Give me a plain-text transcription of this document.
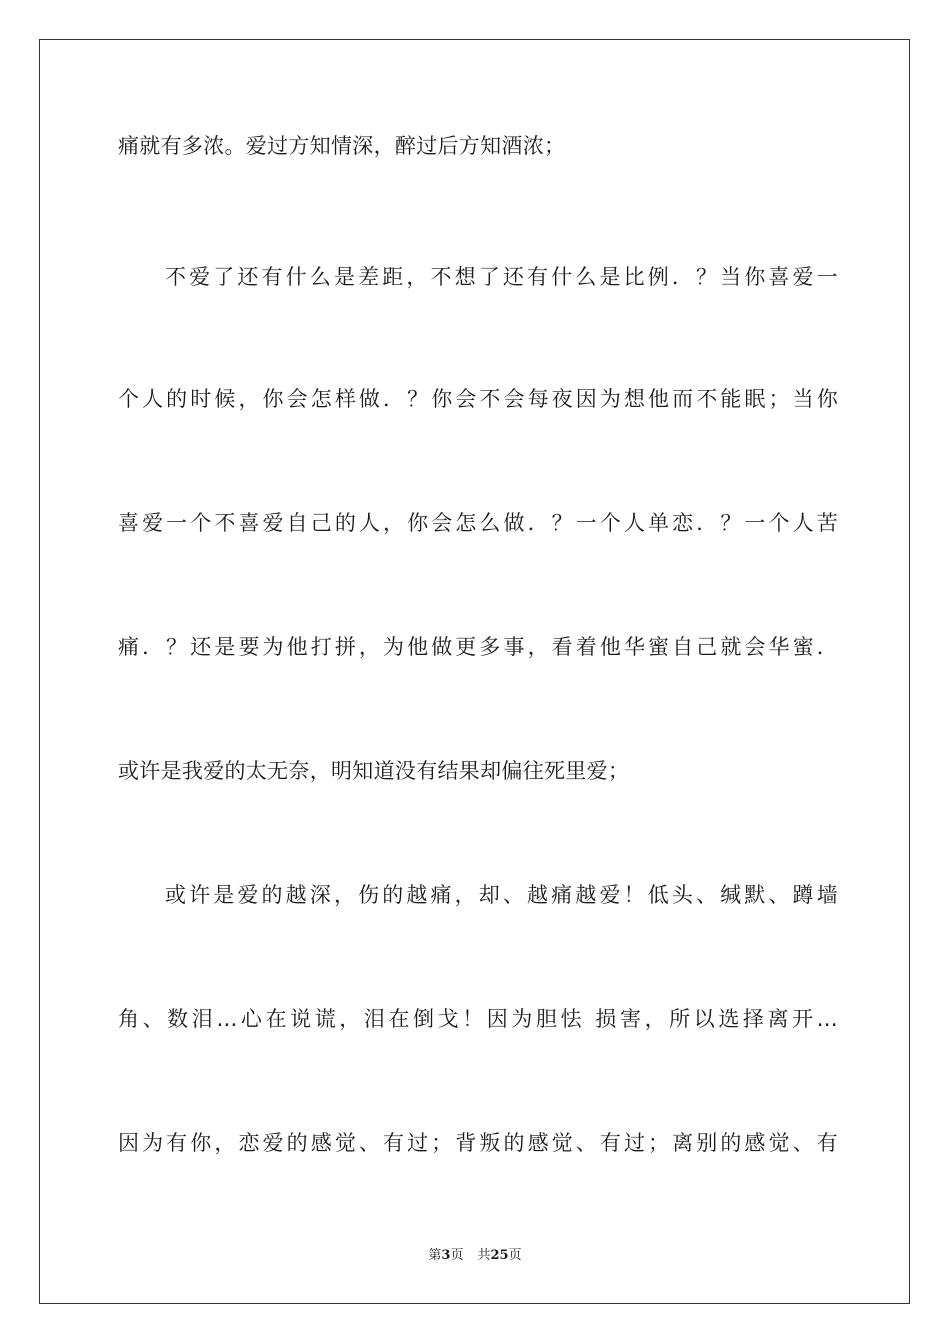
痛就有多浓。爱过方知情深，醉过后方知酒浓；
不爱了还有什么是差距，不想了还有什么是比例．？当你喜爱一
个人的时候，你会怎样做．？你会不会每夜因为想他而不能眠；当你
喜爱一个不喜爱自己的人，你会怎么做．？一个人单恋．？一个人苦
痛．？还是要为他打拼，为他做更多事，看着他华蜜自己就会华蜜．
或许是我爱的太无奈，明知道没有结果却偏往死里爱；
或许是爱的越深，伤的越痛，却、越痛越爱！低头、缄默、蹲墙
角、数泪…心在说谎，泪在倒戈！因为胆怯 损害，所以选择离开…
因为有你，恋爱的感觉、有过；背叛的感觉、有过；离别的感觉、有
第3页 共25页
